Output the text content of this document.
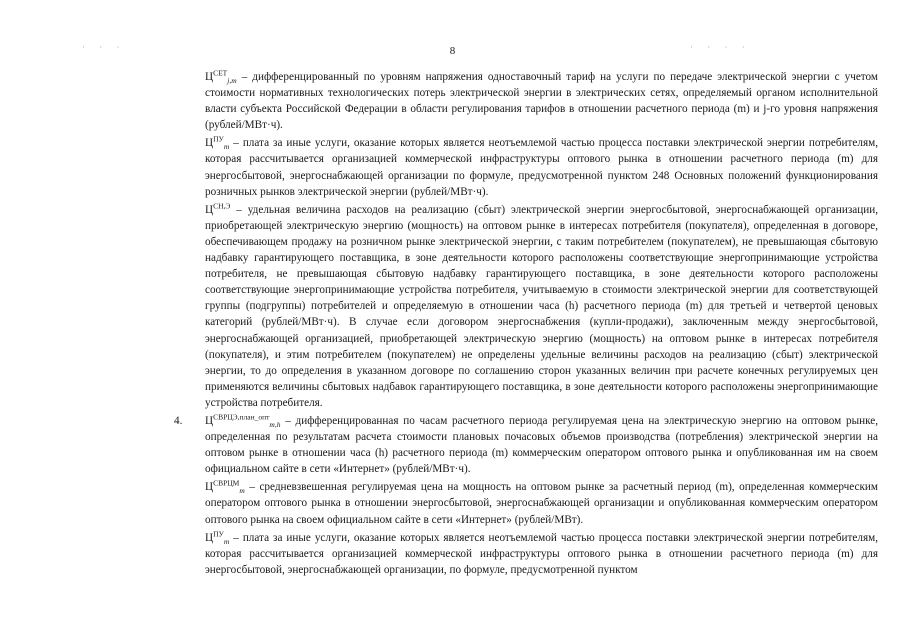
· · ·	· · · ·
8

$Ц^{СЕТ}_{j,m}$ – дифференцированный по уровням напряжения одноставочный тариф на услуги по передаче электрической энергии с учетом стоимости нормативных технологических потерь электрической энергии в электрических сетях, определяемый органом исполнительной власти субъекта Российской Федерации в области регулирования тарифов в отношении расчетного периода (m) и j-го уровня напряжения (рублей/МВт·ч).

$Ц^{ПУ}_m$ – плата за иные услуги, оказание которых является неотъемлемой частью процесса поставки электрической энергии потребителям, которая рассчитывается организацией коммерческой инфраструктуры оптового рынка в отношении расчетного периода (m) для энергосбытовой, энергоснабжающей организации по формуле, предусмотренной пунктом 248 Основных положений функционирования розничных рынков электрической энергии (рублей/МВт·ч).

$Ц^{СН,Э}$ – удельная величина расходов на реализацию (сбыт) электрической энергии энергосбытовой, энергоснабжающей организации, приобретающей электрическую энергию (мощность) на оптовом рынке в интересах потребителя (покупателя), определенная в договоре, обеспечивающем продажу на розничном рынке электрической энергии, с таким потребителем (покупателем), не превышающая сбытовую надбавку гарантирующего поставщика, в зоне деятельности которого расположены соответствующие энергопринимающие устройства потребителя, не превышающая сбытовую надбавку гарантирующего поставщика, в зоне деятельности которого расположены соответствующие энергопринимающие устройства потребителя, учитываемую в стоимости электрической энергии для соответствующей группы (подгруппы) потребителей и определяемую в отношении часа (h) расчетного периода (m) для третьей и четвертой ценовых категорий (рублей/МВт·ч). В случае если договором энергоснабжения (купли-продажи), заключенным между энергосбытовой, энергоснабжающей организацией, приобретающей электрическую энергию (мощность) на оптовом рынке в интересах потребителя (покупателя), и этим потребителем (покупателем) не определены удельные величины расходов на реализацию (сбыт) электрической энергии, то до определения в указанном договоре по соглашению сторон указанных величин при расчете конечных регулируемых цен применяются величины сбытовых надбавок гарантирующего поставщика, в зоне деятельности которого расположены энергопринимающие устройства потребителя.

4. $Ц^{СВРЦЭ,план\_опт}_{m,h}$ – дифференцированная по часам расчетного периода регулируемая цена на электрическую энергию на оптовом рынке, определенная по результатам расчета стоимости плановых почасовых объемов производства (потребления) электрической энергии на оптовом рынке в отношении часа (h) расчетного периода (m) коммерческим оператором оптового рынка и опубликованная им на своем официальном сайте в сети «Интернет» (рублей/МВт·ч).

$Ц^{СВРЦМ}_m$ – средневзвешенная регулируемая цена на мощность на оптовом рынке за расчетный период (m), определенная коммерческим оператором оптового рынка в отношении энергосбытовой, энергоснабжающей организации и опубликованная коммерческим оператором оптового рынка на своем официальном сайте в сети «Интернет» (рублей/МВт).

$Ц^{ПУ}_m$ – плата за иные услуги, оказание которых является неотъемлемой частью процесса поставки электрической энергии потребителям, которая рассчитывается организацией коммерческой инфраструктуры оптового рынка в отношении расчетного периода (m) для энергосбытовой, энергоснабжающей организации, по формуле, предусмотренной пунктом
